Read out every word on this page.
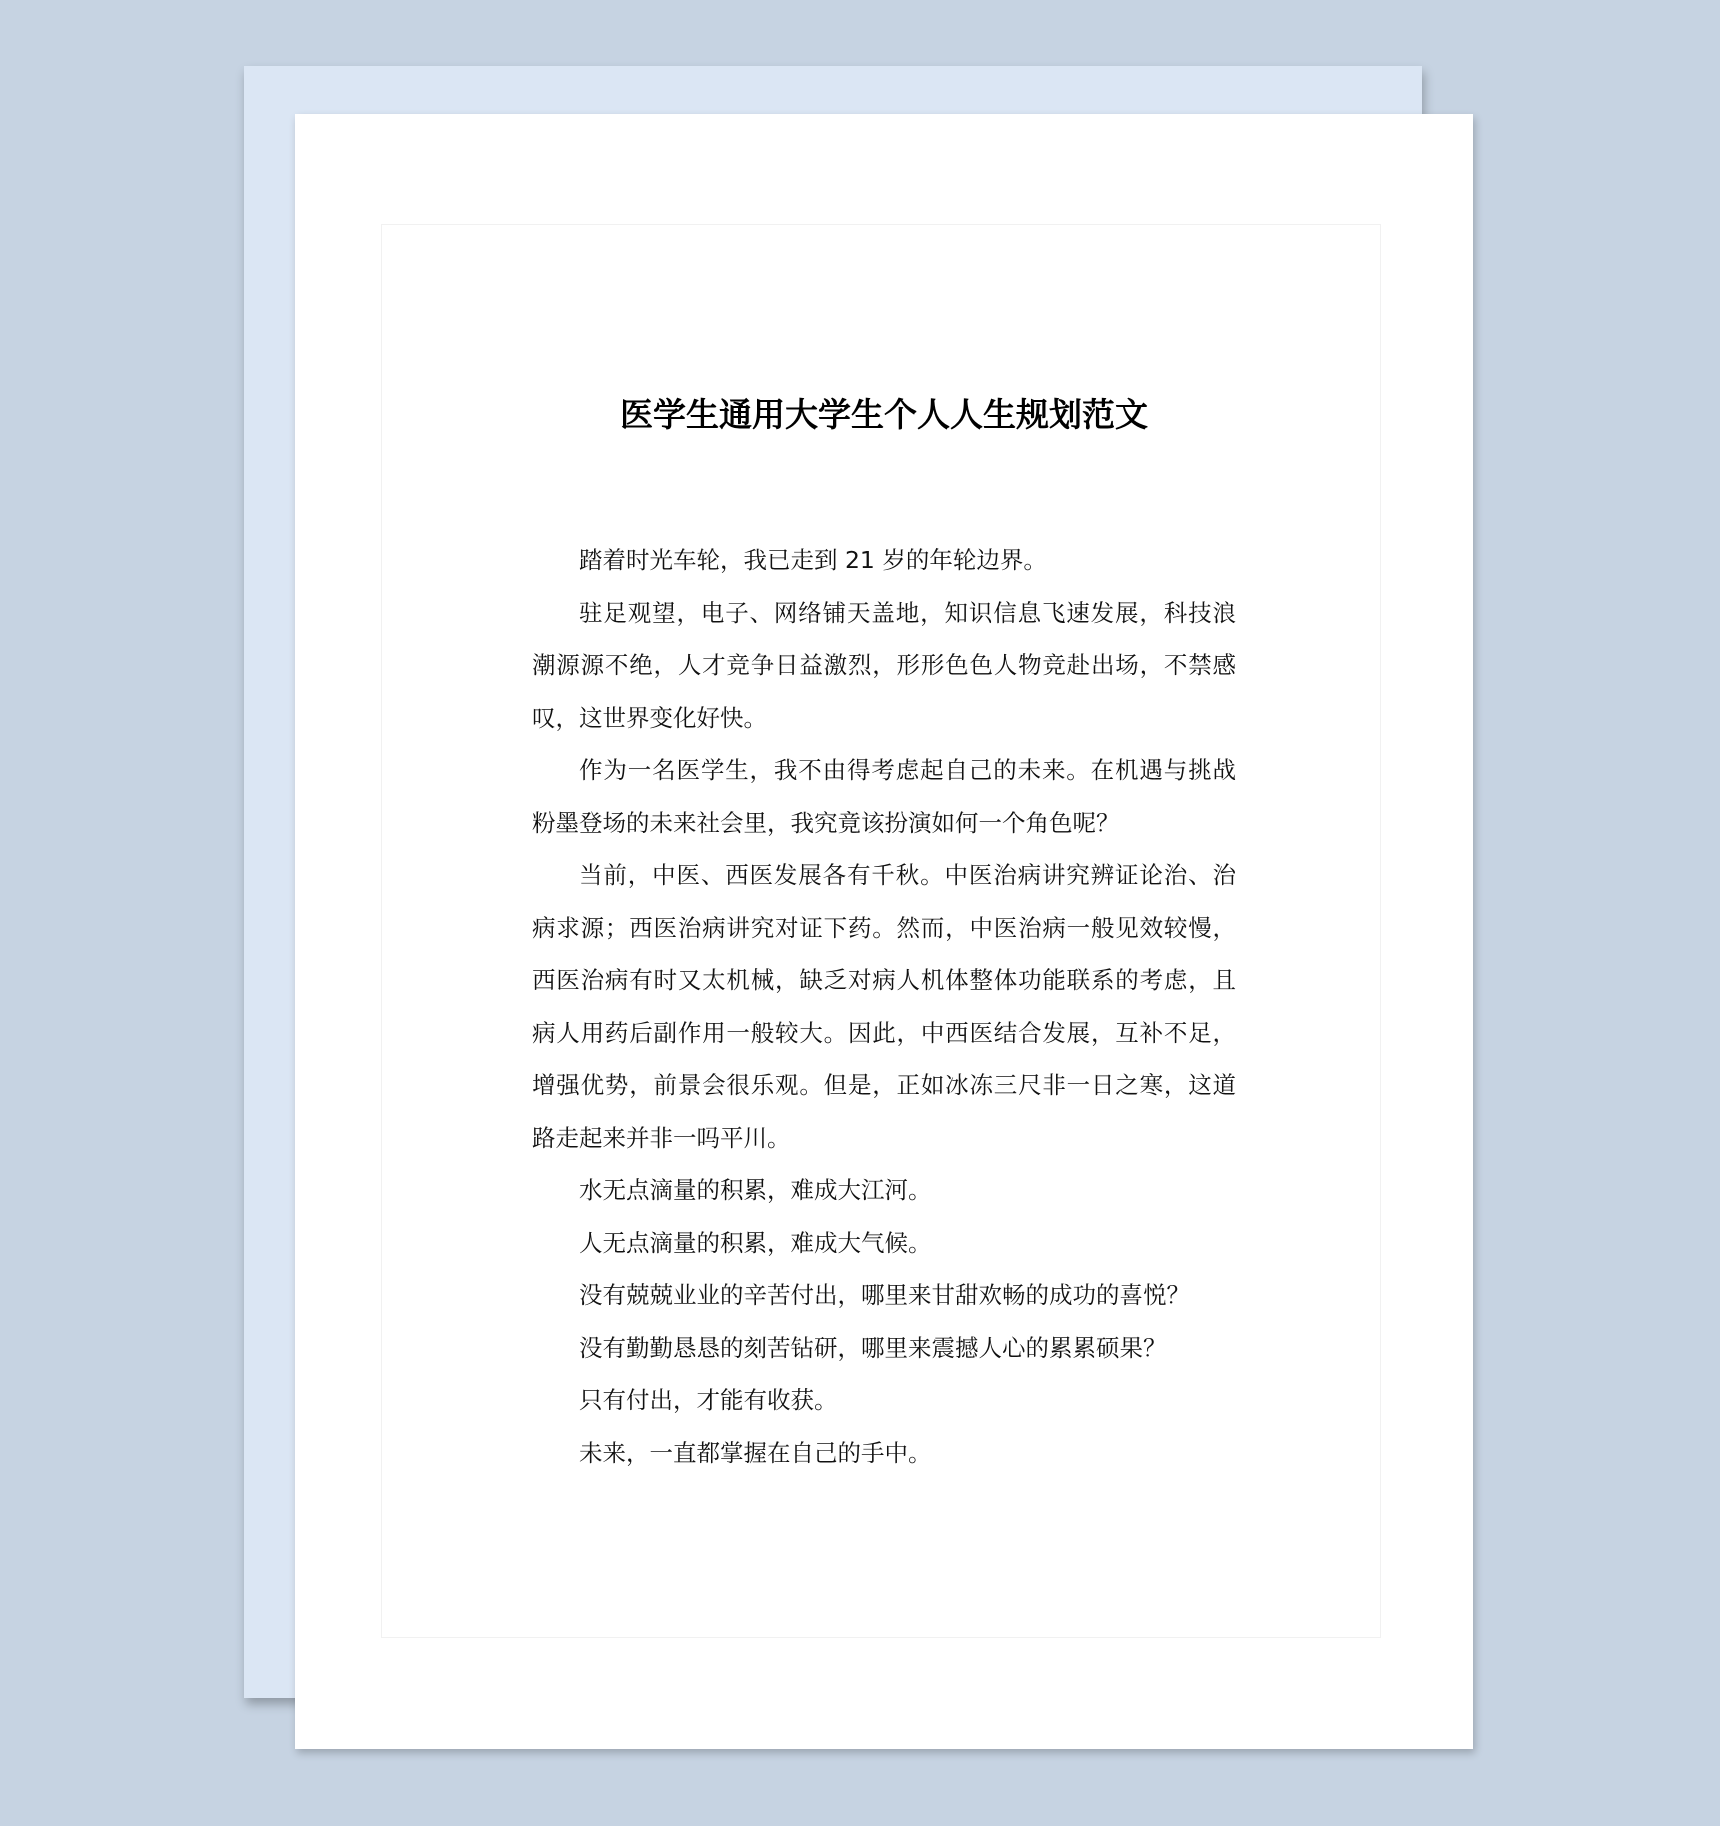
医学生通用大学生个人人生规划范文

踏着时光车轮，我已走到 21 岁的年轮边界。

驻足观望，电子、网络铺天盖地，知识信息飞速发展，科技浪潮源源不绝，人才竞争日益激烈，形形色色人物竞赴出场，不禁感叹，这世界变化好快。

作为一名医学生，我不由得考虑起自己的未来。在机遇与挑战粉墨登场的未来社会里，我究竟该扮演如何一个角色呢？

当前，中医、西医发展各有千秋。中医治病讲究辨证论治、治病求源；西医治病讲究对证下药。然而，中医治病一般见效较慢，西医治病有时又太机械，缺乏对病人机体整体功能联系的考虑，且病人用药后副作用一般较大。因此，中西医结合发展，互补不足，增强优势，前景会很乐观。但是，正如冰冻三尺非一日之寒，这道路走起来并非一吗平川。

水无点滴量的积累，难成大江河。

人无点滴量的积累，难成大气候。

没有兢兢业业的辛苦付出，哪里来甘甜欢畅的成功的喜悦？

没有勤勤恳恳的刻苦钻研，哪里来震撼人心的累累硕果？

只有付出，才能有收获。

未来，一直都掌握在自己的手中。
